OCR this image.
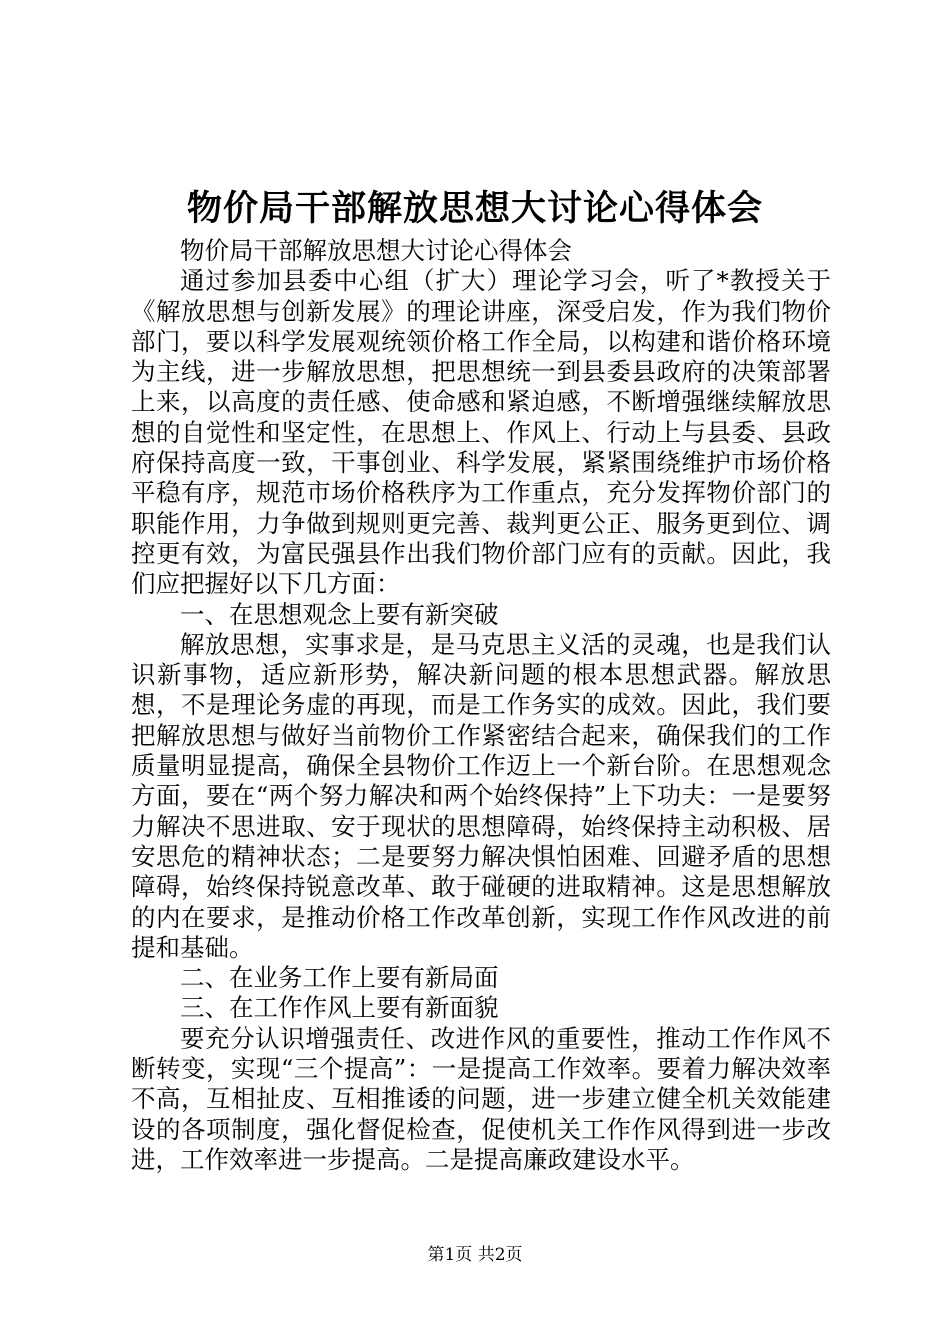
物价局干部解放思想大讨论心得体会

物价局干部解放思想大讨论心得体会

通过参加县委中心组（扩大）理论学习会，听了*教授关于《解放思想与创新发展》的理论讲座，深受启发，作为我们物价部门，要以科学发展观统领价格工作全局，以构建和谐价格环境为主线，进一步解放思想，把思想统一到县委县政府的决策部署上来，以高度的责任感、使命感和紧迫感，不断增强继续解放思想的自觉性和坚定性，在思想上、作风上、行动上与县委、县政府保持高度一致，干事创业、科学发展，紧紧围绕维护市场价格平稳有序，规范市场价格秩序为工作重点，充分发挥物价部门的职能作用，力争做到规则更完善、裁判更公正、服务更到位、调控更有效，为富民强县作出我们物价部门应有的贡献。因此，我们应把握好以下几方面：

一、在思想观念上要有新突破

解放思想，实事求是，是马克思主义活的灵魂，也是我们认识新事物，适应新形势，解决新问题的根本思想武器。解放思想，不是理论务虚的再现，而是工作务实的成效。因此，我们要把解放思想与做好当前物价工作紧密结合起来，确保我们的工作质量明显提高，确保全县物价工作迈上一个新台阶。在思想观念方面，要在“两个努力解决和两个始终保持”上下功夫：一是要努力解决不思进取、安于现状的思想障碍，始终保持主动积极、居安思危的精神状态；二是要努力解决惧怕困难、回避矛盾的思想障碍，始终保持锐意改革、敢于碰硬的进取精神。这是思想解放的内在要求，是推动价格工作改革创新，实现工作作风改进的前提和基础。

二、在业务工作上要有新局面

三、在工作作风上要有新面貌

要充分认识增强责任、改进作风的重要性，推动工作作风不断转变，实现“三个提高”：一是提高工作效率。要着力解决效率不高，互相扯皮、互相推诿的问题，进一步建立健全机关效能建设的各项制度，强化督促检查，促使机关工作作风得到进一步改进，工作效率进一步提高。二是提高廉政建设水平。

第1页 共2页
